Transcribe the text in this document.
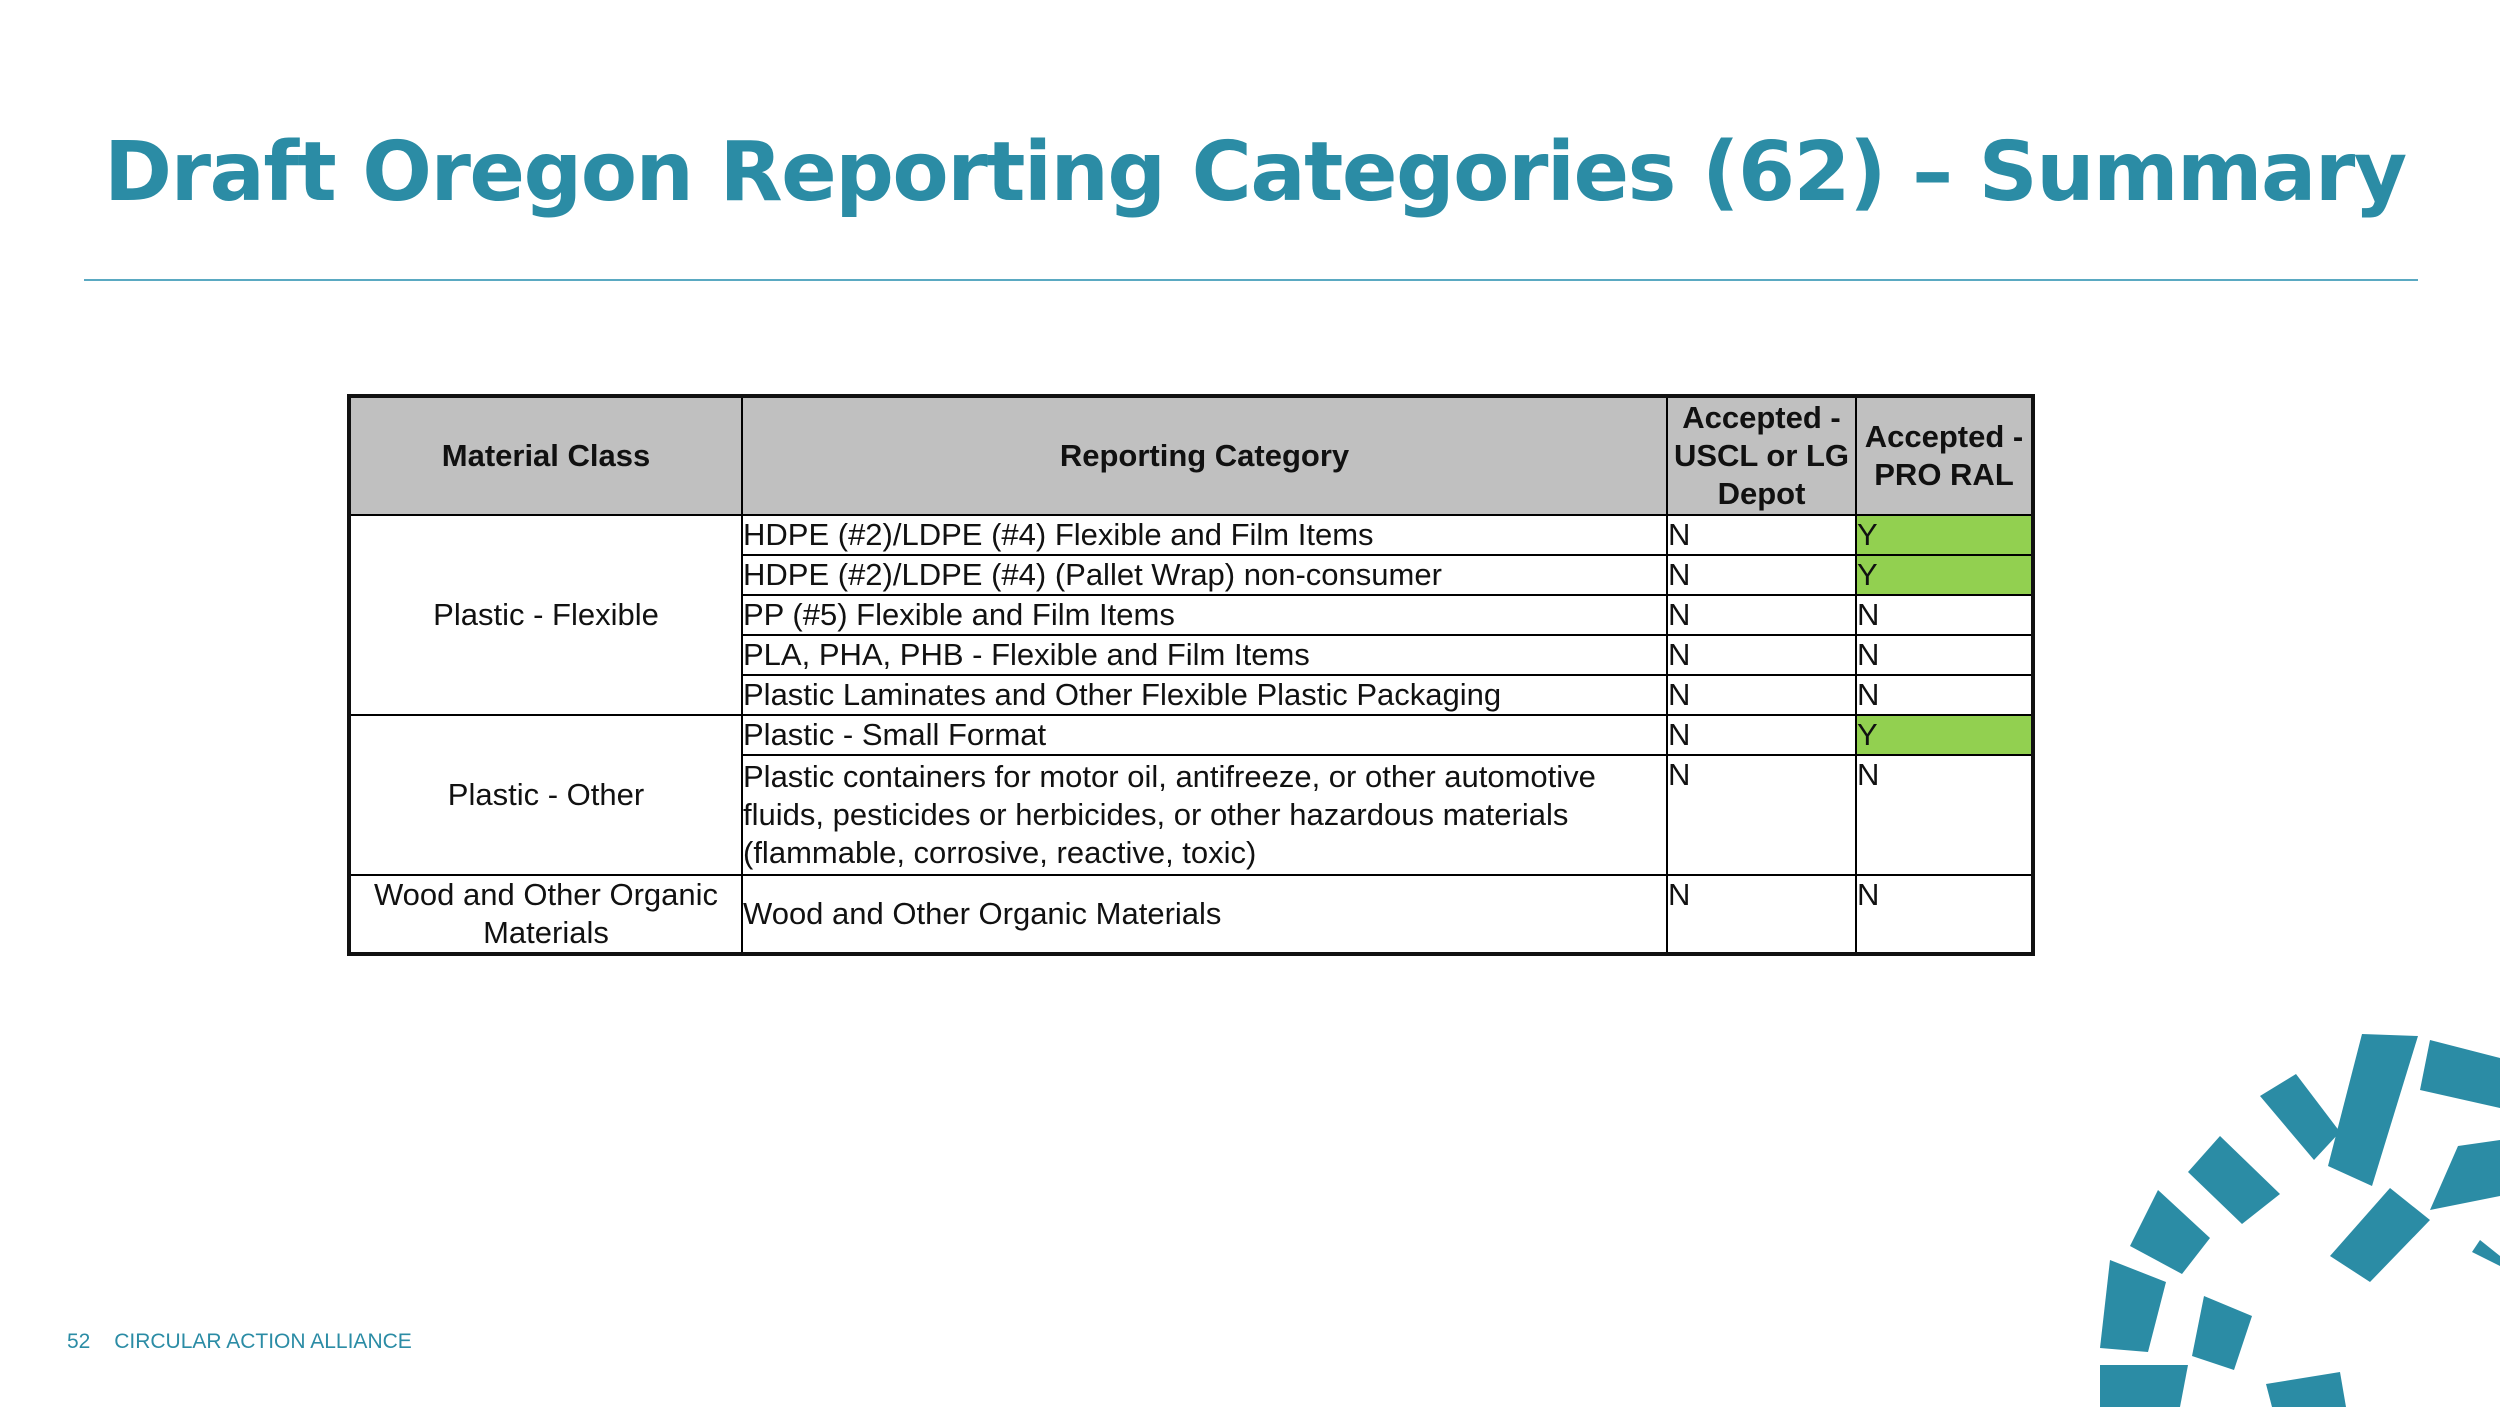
Draft Oregon Reporting Categories (62) – Summary
Material Class	Reporting Category	Accepted - USCL or LG Depot	Accepted - PRO RAL
Plastic - Flexible	HDPE (#2)/LDPE (#4) Flexible and Film Items	N	Y
	HDPE (#2)/LDPE (#4) (Pallet Wrap) non-consumer	N	Y
	PP (#5) Flexible and Film Items	N	N
	PLA, PHA, PHB - Flexible and Film Items	N	N
	Plastic Laminates and Other Flexible Plastic Packaging	N	N
Plastic - Other	Plastic - Small Format	N	Y
	Plastic containers for motor oil, antifreeze, or other automotive fluids, pesticides or herbicides, or other hazardous materials (flammable, corrosive, reactive, toxic)	N	N
Wood and Other Organic Materials	Wood and Other Organic Materials	N	N
52 CIRCULAR ACTION ALLIANCE
